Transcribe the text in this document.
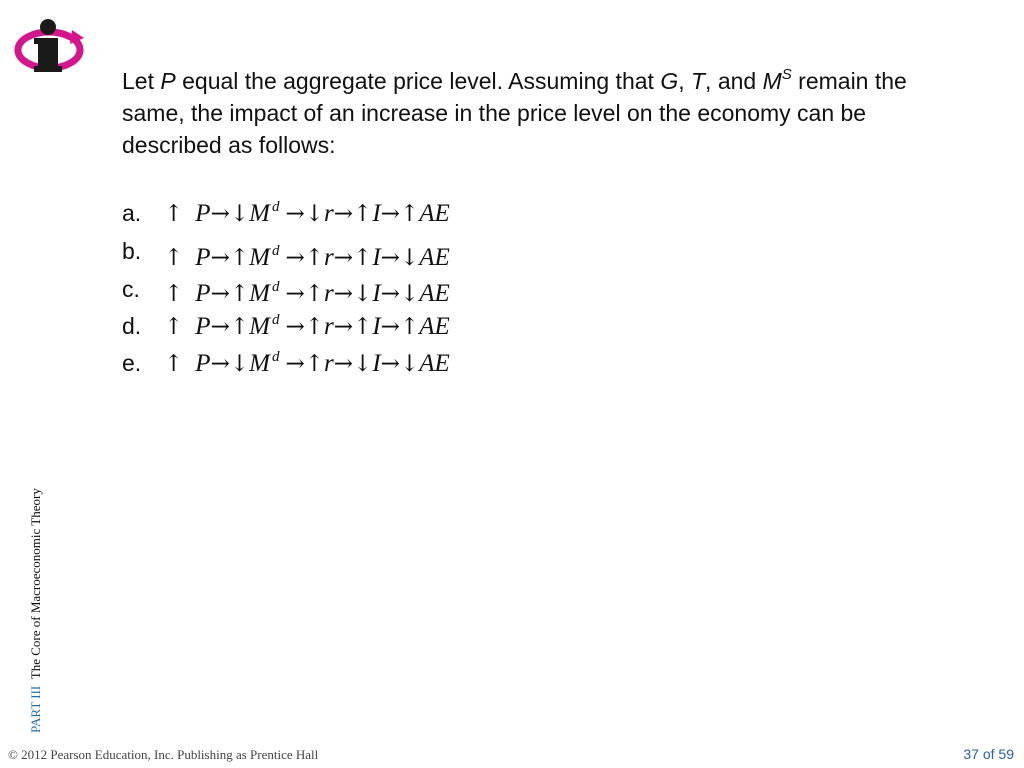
Let P equal the aggregate price level. Assuming that G, T, and $M^S$ remain the same, the impact of an increase in the price level on the economy can be described as follows:
a. ↑ P→↓M $^d$ →↓r→↑I→↑AE
b. ↑ P→↑M $^d$ →↑r→↑I→↓AE
c. ↑ P→↑M $^d$ →↑r→↓I→↓AE
d. ↑ P→↑M $^d$ →↑r→↑I→↑AE
e. ↑ P→↓M $^d$ →↑r→↓I→↓AE
PART III  The Core of Macroeconomic Theory
© 2012 Pearson Education, Inc. Publishing as Prentice Hall	37 of 59
